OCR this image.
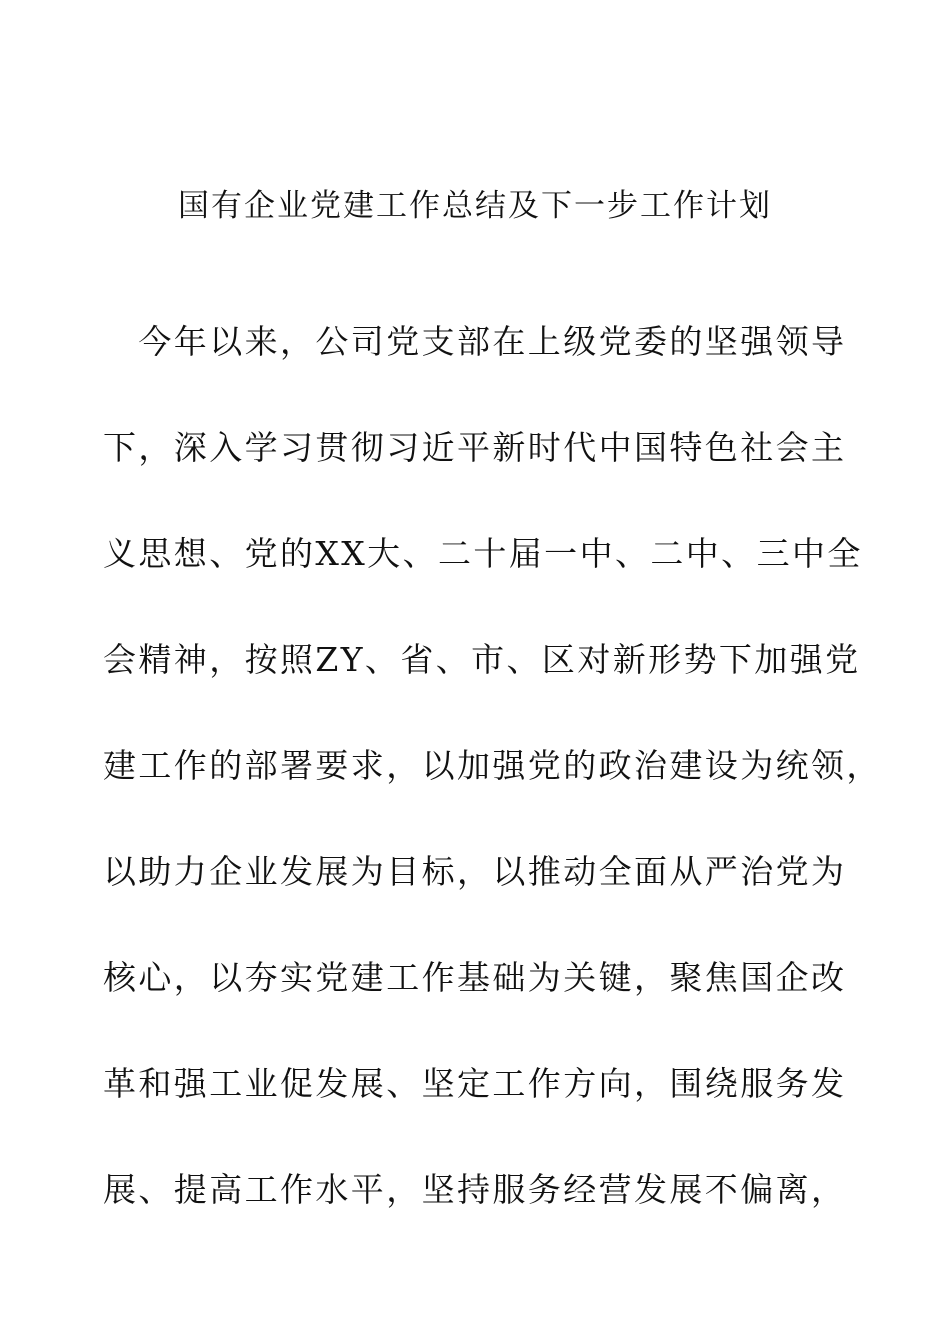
国有企业党建工作总结及下一步工作计划
　今年以来，公司党支部在上级党委的坚强领导
下，深入学习贯彻习近平新时代中国特色社会主
义思想、党的XX大、二十届一中、二中、三中全
会精神，按照ZY、省、市、区对新形势下加强党
建工作的部署要求，以加强党的政治建设为统领，
以助力企业发展为目标，以推动全面从严治党为
核心，以夯实党建工作基础为关键，聚焦国企改
革和强工业促发展、坚定工作方向，围绕服务发
展、提高工作水平，坚持服务经营发展不偏离，
